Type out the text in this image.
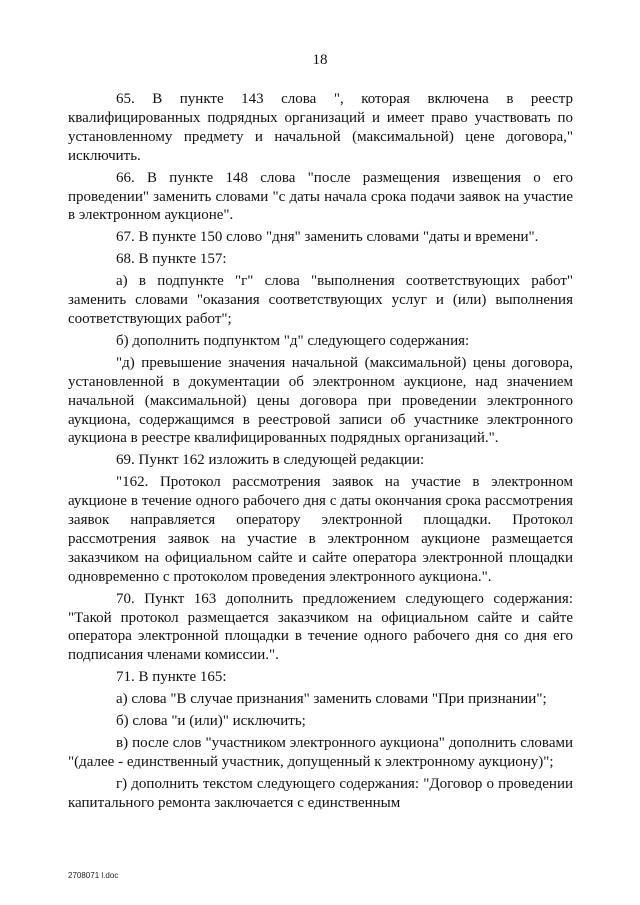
18

65. В пункте 143 слова ", которая включена в реестр квалифицированных подрядных организаций и имеет право участвовать по установленному предмету и начальной (максимальной) цене договора," исключить.

66. В пункте 148 слова "после размещения извещения о его проведении" заменить словами "с даты начала срока подачи заявок на участие в электронном аукционе".

67. В пункте 150 слово "дня" заменить словами "даты и времени".

68. В пункте 157:

а) в подпункте "г" слова "выполнения соответствующих работ" заменить словами "оказания соответствующих услуг и (или) выполнения соответствующих работ";

б) дополнить подпунктом "д" следующего содержания:

"д) превышение значения начальной (максимальной) цены договора, установленной в документации об электронном аукционе, над значением начальной (максимальной) цены договора при проведении электронного аукциона, содержащимся в реестровой записи об участнике электронного аукциона в реестре квалифицированных подрядных организаций.".

69. Пункт 162 изложить в следующей редакции:

"162. Протокол рассмотрения заявок на участие в электронном аукционе в течение одного рабочего дня с даты окончания срока рассмотрения заявок направляется оператору электронной площадки. Протокол рассмотрения заявок на участие в электронном аукционе размещается заказчиком на официальном сайте и сайте оператора электронной площадки одновременно с протоколом проведения электронного аукциона.".

70. Пункт 163 дополнить предложением следующего содержания: "Такой протокол размещается заказчиком на официальном сайте и сайте оператора электронной площадки в течение одного рабочего дня со дня его подписания членами комиссии.".

71. В пункте 165:

а) слова "В случае признания" заменить словами "При признании";

б) слова "и (или)" исключить;

в) после слов "участником электронного аукциона" дополнить словами "(далее - единственный участник, допущенный к электронному аукциону)";

г) дополнить текстом следующего содержания: "Договор о проведении капитального ремонта заключается с единственным

2708071 l.doc
